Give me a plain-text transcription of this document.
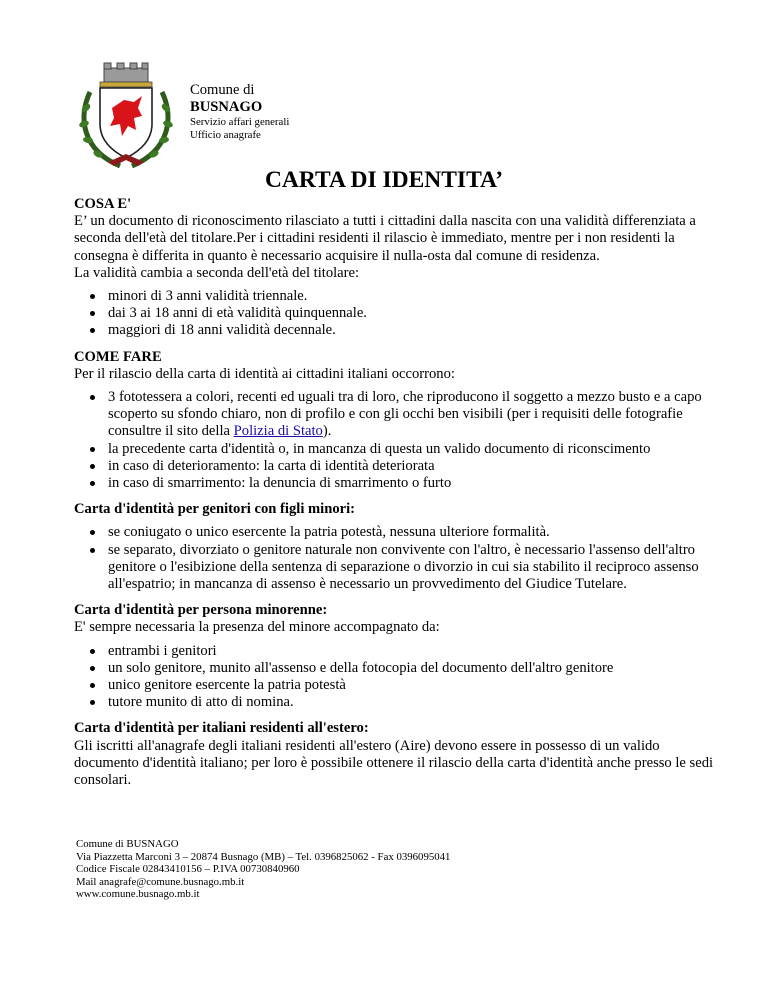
Comune di
BUSNAGO
Servizio affari generali
Ufficio anagrafe
CARTA DI IDENTITA’

COSA E'

E’ un documento di riconoscimento rilasciato a tutti i cittadini dalla nascita con una validità differenziata a seconda dell'età del titolare.Per i cittadini residenti il rilascio è immediato, mentre per i non residenti la consegna è differita in quanto è necessario acquisire il nulla-osta dal comune di residenza.

La validità cambia a seconda dell'età del titolare:

minori di 3 anni validità triennale.
dai 3 ai 18 anni di età validità quinquennale.
maggiori di 18 anni validità decennale.

COME FARE

Per il rilascio della carta di identità ai cittadini italiani occorrono:

3 fototessera a colori, recenti ed uguali tra di loro, che riproducono il soggetto a mezzo busto e a capo scoperto su sfondo chiaro, non di profilo e con gli occhi ben visibili (per i requisiti delle fotografie consultre il sito della Polizia di Stato).
la precedente carta d'identità o, in mancanza di questa un valido documento di riconscimento
in caso di deterioramento: la carta di identità deteriorata
in caso di smarrimento: la denuncia di smarrimento o furto

Carta d'identità per genitori con figli minori:

se coniugato o unico esercente la patria potestà, nessuna ulteriore formalità.
se separato, divorziato o genitore naturale non convivente con l'altro, è necessario l'assenso dell'altro genitore o l'esibizione della sentenza di separazione o divorzio in cui sia stabilito il reciproco assenso all'espatrio; in mancanza di assenso è necessario un provvedimento del Giudice Tutelare.

Carta d'identità per persona minorenne:

E' sempre necessaria la presenza del minore accompagnato da:

entrambi i genitori
un solo genitore, munito all'assenso e della fotocopia del documento dell'altro genitore
unico genitore esercente la patria potestà
tutore munito di atto di nomina.

Carta d'identità per italiani residenti all'estero:

Gli iscritti all'anagrafe degli italiani residenti all'estero (Aire) devono essere in possesso di un valido documento d'identità italiano; per loro è possibile ottenere il rilascio della carta d'identità anche presso le sedi consolari.

Comune di BUSNAGO
Via Piazzetta Marconi 3 – 20874 Busnago (MB) – Tel. 0396825062 - Fax 0396095041
Codice Fiscale 02843410156 – P.IVA 00730840960
Mail anagrafe@comune.busnago.mb.it
www.comune.busnago.mb.it
